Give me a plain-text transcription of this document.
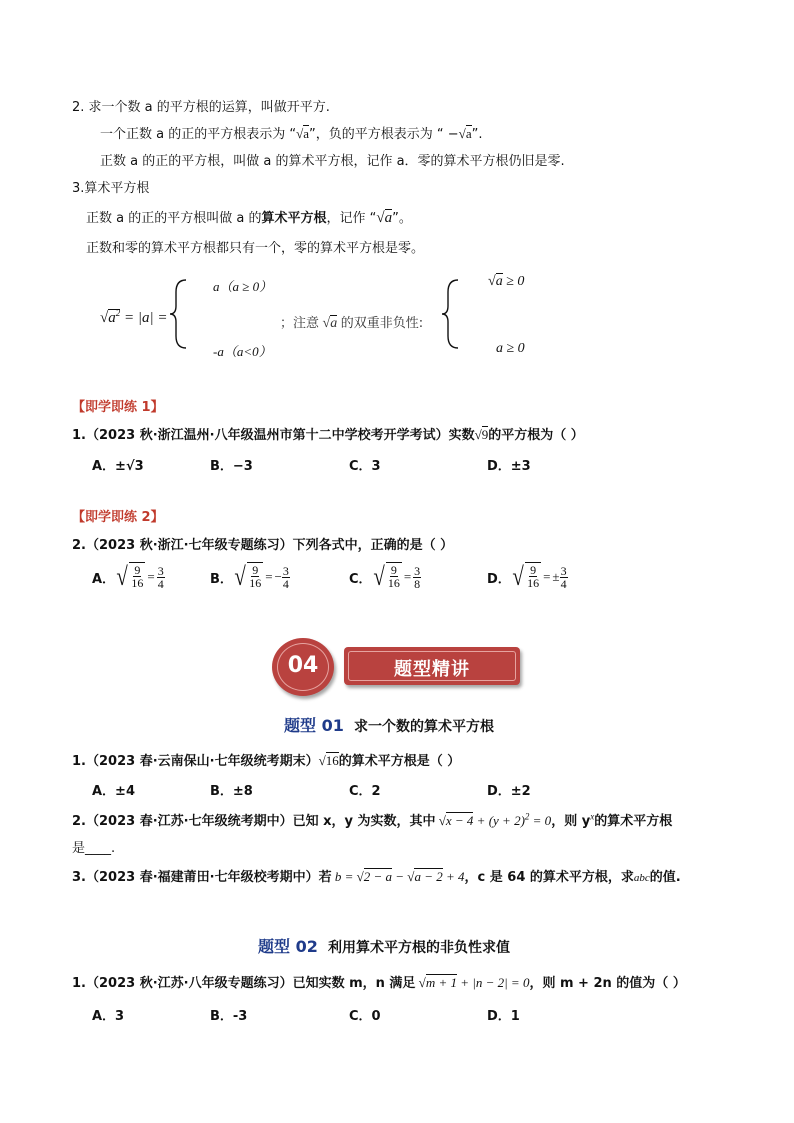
2. 求一个数 a 的平方根的运算，叫做开平方.
一个正数 a 的正的平方根表示为 “√a”，负的平方根表示为 “ −√a”.
正数 a 的正的平方根，叫做 a 的算术平方根，记作 a．零的算术平方根仍旧是零.
3.算术平方根
正数 a 的正的平方根叫做 a 的算术平方根，记作 “√a”。
正数和零的算术平方根都只有一个，零的算术平方根是零。
$√a^2 = |a|$ =
a（a ≥ 0）
-a（a<0）
；注意 √a 的双重非负性:
√a ≥ 0
a ≥ 0
【即学即练 1】
1.（2023 秋·浙江温州·八年级温州市第十二中学校考开学考试）实数√9的平方根为（ ）
A．±√3	B．−3	C．3	D．±3
【即学即练 2】
2.（2023 秋·浙江·七年级专题练习）下列各式中，正确的是（ ）
A． √ $\frac{9}{16} = \frac{3}{4}$	B． √ $\frac{9}{16}$ = − $\frac{3}{4}$	C． √ $\frac{9}{16} = \frac{3}{8}$	D． √ $\frac{9}{16}$ = ± $\frac{3}{4}$
题型精讲
04
题型 01 求一个数的算术平方根
1.（2023 春·云南保山·七年级统考期末）√16的算术平方根是（ ）
A．±4	B．±8	C．2	D．±2
2.（2023 春·江苏·七年级统考期中）已知 x，y 为实数，其中 $√x - 4 + (y + 2)^2 = 0$，则 $y^x$的算术平方根
是____.
3.（2023 春·福建莆田·七年级校考期中）若 b = √2 − a − √a − 2 + 4，c 是 64 的算术平方根，求abc的值.
题型 02 利用算术平方根的非负性求值
1.（2023 秋·江苏·八年级专题练习）已知实数 m，n 满足 √m + 1 + |n − 2| = 0，则 m + 2n 的值为（ ）
A．3	B．-3	C．0	D．1
